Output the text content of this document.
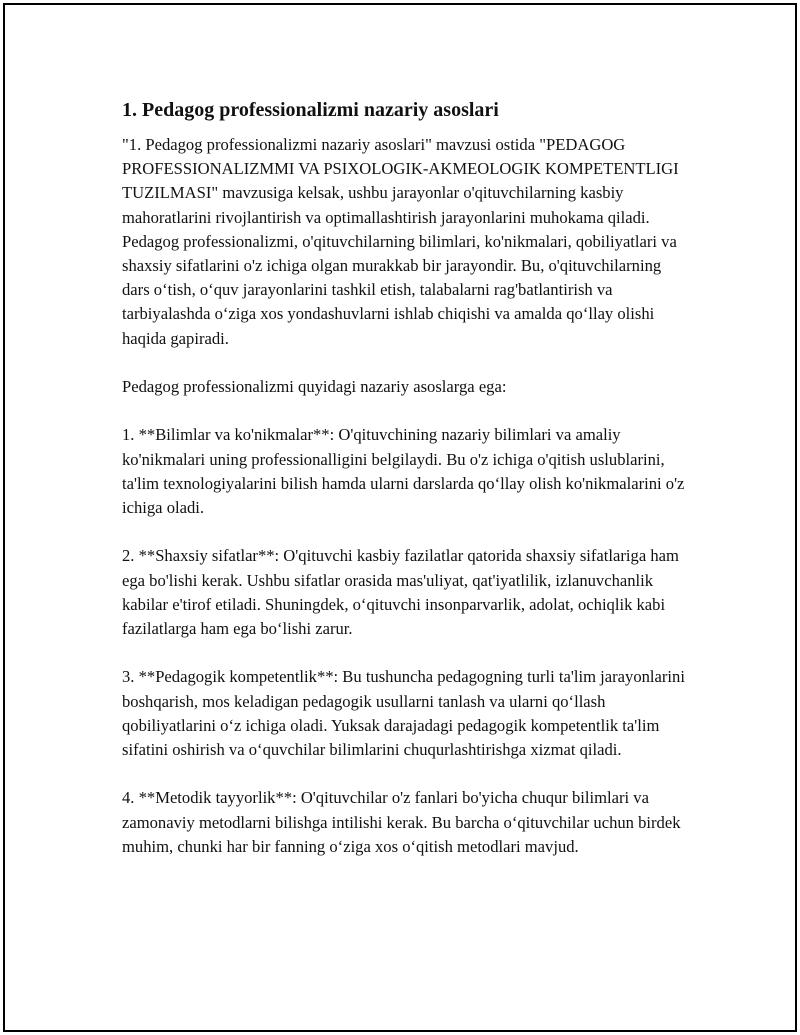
1. Pedagog professionalizmi nazariy asoslari

"1. Pedagog professionalizmi nazariy asoslari" mavzusi ostida "PEDAGOG PROFESSIONALIZMMI VA PSIXOLOGIK-AKMEOLOGIK KOMPETENTLIGI TUZILMASI" mavzusiga kelsak, ushbu jarayonlar o'qituvchilarning kasbiy mahoratlarini rivojlantirish va optimallashtirish jarayonlarini muhokama qiladi. Pedagog professionalizmi, o'qituvchilarning bilimlari, ko'nikmalari, qobiliyatlari va shaxsiy sifatlarini o'z ichiga olgan murakkab bir jarayondir. Bu, o'qituvchilarning dars o‘tish, o‘quv jarayonlarini tashkil etish, talabalarni rag'batlantirish va tarbiyalashda o‘ziga xos yondashuvlarni ishlab chiqishi va amalda qo‘llay olishi haqida gapiradi.

Pedagog professionalizmi quyidagi nazariy asoslarga ega:

1. **Bilimlar va ko'nikmalar**: O'qituvchining nazariy bilimlari va amaliy ko'nikmalari uning professionalligini belgilaydi. Bu o'z ichiga o'qitish uslublarini, ta'lim texnologiyalarini bilish hamda ularni darslarda qo‘llay olish ko'nikmalarini o'z ichiga oladi.

2. **Shaxsiy sifatlar**: O'qituvchi kasbiy fazilatlar qatorida shaxsiy sifatlariga ham ega bo'lishi kerak. Ushbu sifatlar orasida mas'uliyat, qat'iyatlilik, izlanuvchanlik kabilar e'tirof etiladi. Shuningdek, o‘qituvchi insonparvarlik, adolat, ochiqlik kabi fazilatlarga ham ega bo‘lishi zarur.

3. **Pedagogik kompetentlik**: Bu tushuncha pedagogning turli ta'lim jarayonlarini boshqarish, mos keladigan pedagogik usullarni tanlash va ularni qo‘llash qobiliyatlarini o‘z ichiga oladi. Yuksak darajadagi pedagogik kompetentlik ta'lim sifatini oshirish va o‘quvchilar bilimlarini chuqurlashtirishga xizmat qiladi.

4. **Metodik tayyorlik**: O'qituvchilar o'z fanlari bo'yicha chuqur bilimlari va zamonaviy metodlarni bilishga intilishi kerak. Bu barcha o‘qituvchilar uchun birdek muhim, chunki har bir fanning o‘ziga xos o‘qitish metodlari mavjud.
